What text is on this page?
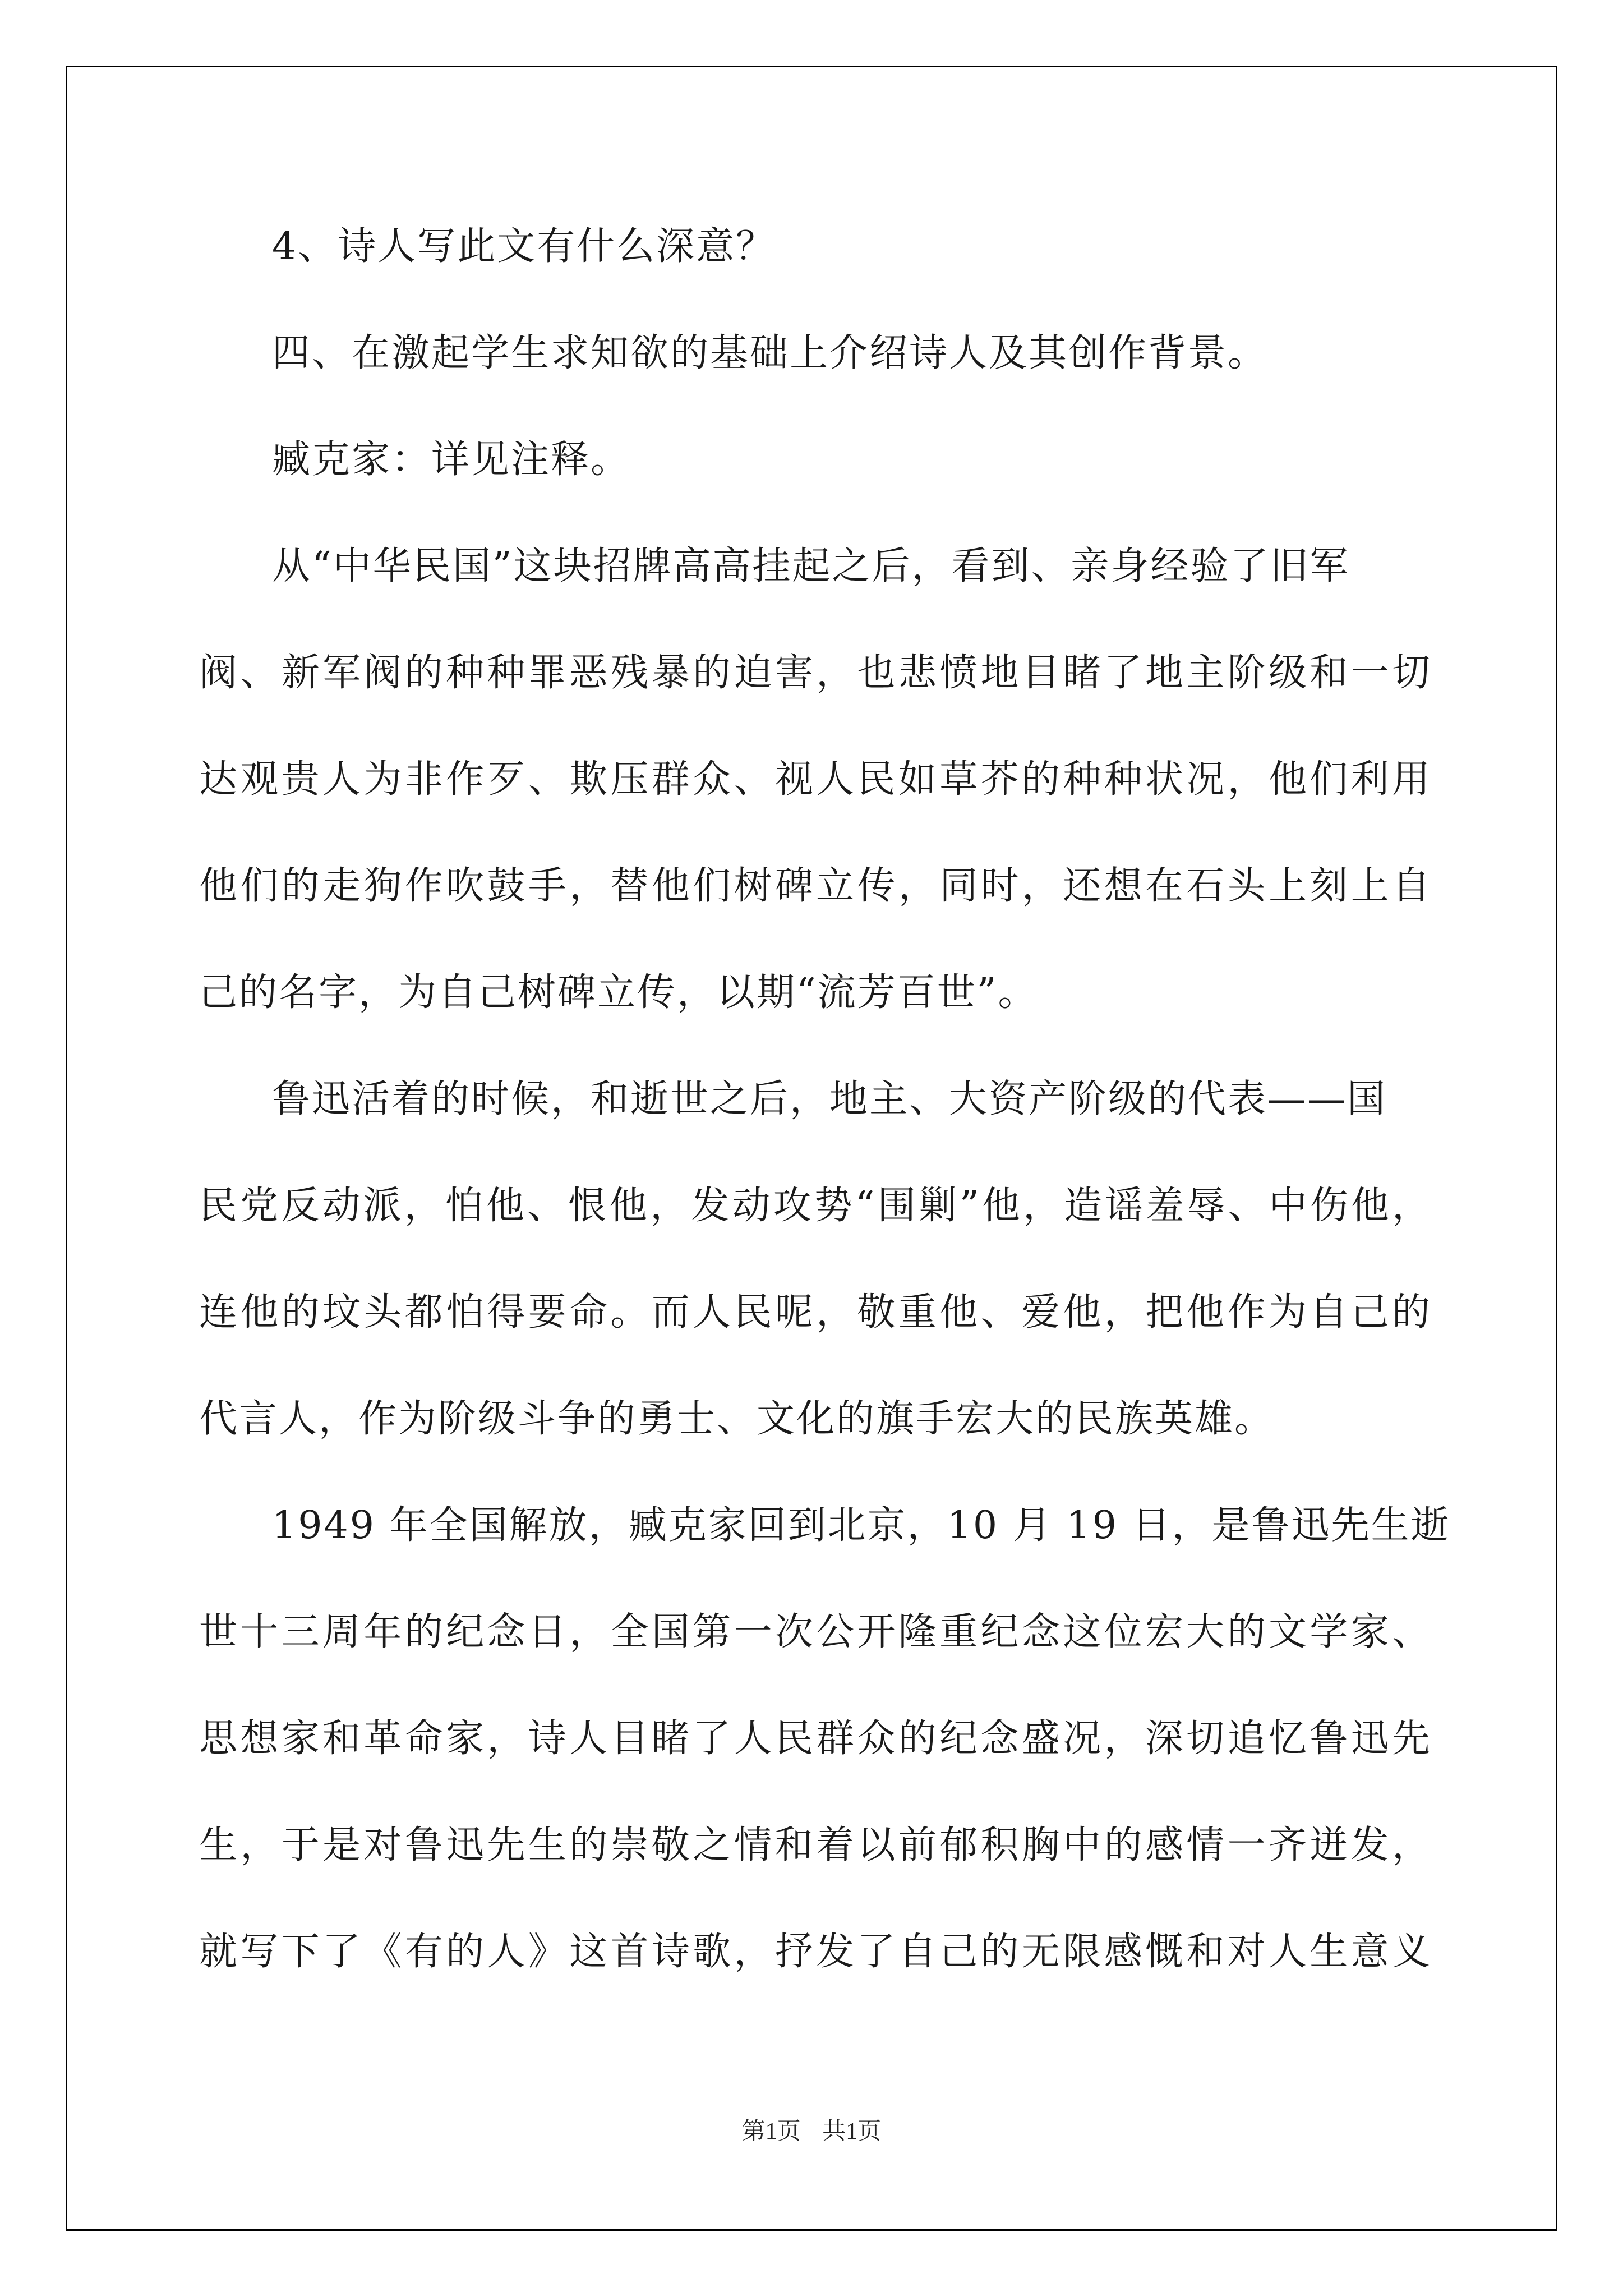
4、诗人写此文有什么深意？
四、在激起学生求知欲的基础上介绍诗人及其创作背景。
臧克家：详见注释。
从“中华民国”这块招牌高高挂起之后，看到、亲身经验了旧军
阀、新军阀的种种罪恶残暴的迫害，也悲愤地目睹了地主阶级和一切
达观贵人为非作歹、欺压群众、视人民如草芥的种种状况，他们利用
他们的走狗作吹鼓手，替他们树碑立传，同时，还想在石头上刻上自
己的名字，为自己树碑立传，以期“流芳百世”。
鲁迅活着的时候，和逝世之后，地主、大资产阶级的代表——国
民党反动派，怕他、恨他，发动攻势“围剿”他，造谣羞辱、中伤他，
连他的坟头都怕得要命。而人民呢，敬重他、爱他，把他作为自己的
代言人，作为阶级斗争的勇士、文化的旗手宏大的民族英雄。
1949 年全国解放，臧克家回到北京，10 月 19 日，是鲁迅先生逝
世十三周年的纪念日，全国第一次公开隆重纪念这位宏大的文学家、
思想家和革命家，诗人目睹了人民群众的纪念盛况，深切追忆鲁迅先
生，于是对鲁迅先生的崇敬之情和着以前郁积胸中的感情一齐迸发，
就写下了《有的人》这首诗歌，抒发了自己的无限感慨和对人生意义
第1页 共1页
